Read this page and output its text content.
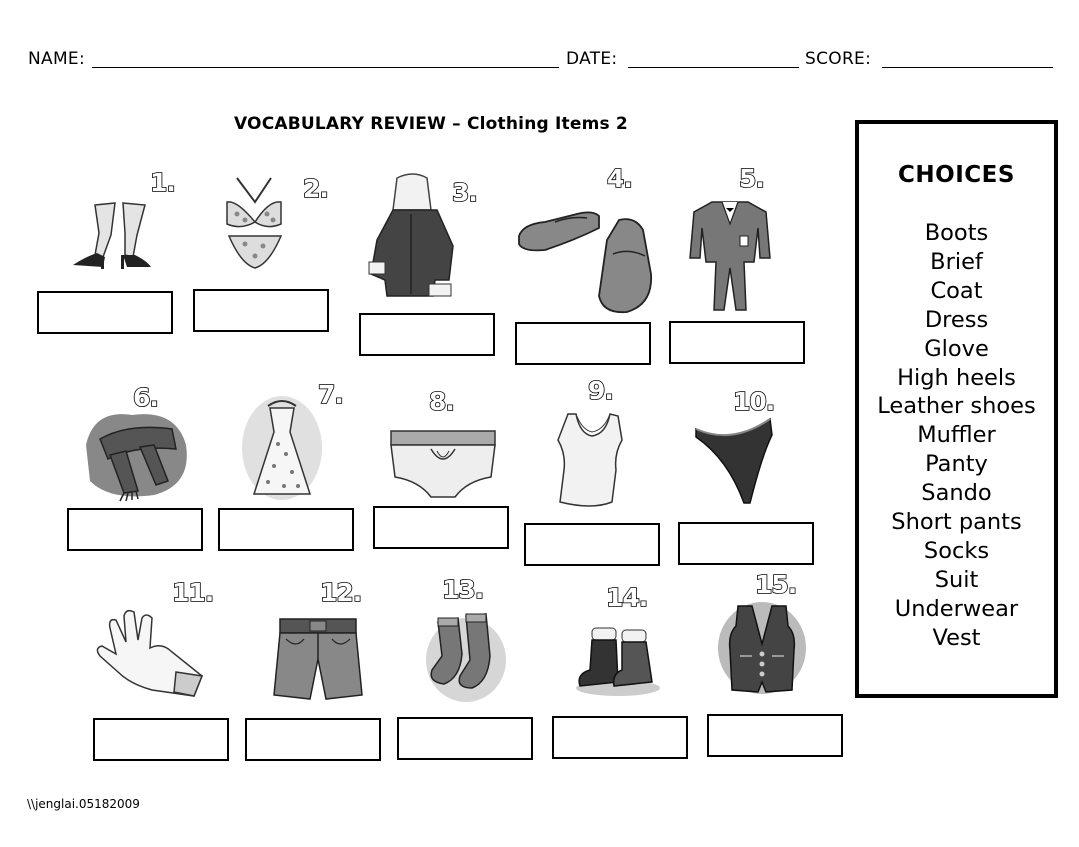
NAME:	DATE:	SCORE:
VOCABULARY REVIEW – Clothing Items 2
1.	2.	3.	4.	5.
6.	7.	8.	9.	10.
11.	12.	13.	14.	15.
CHOICES
Boots
Brief
Coat
Dress
Glove
High heels
Leather shoes
Muffler
Panty
Sando
Short pants
Socks
Suit
Underwear
Vest
\\jenglai.05182009
